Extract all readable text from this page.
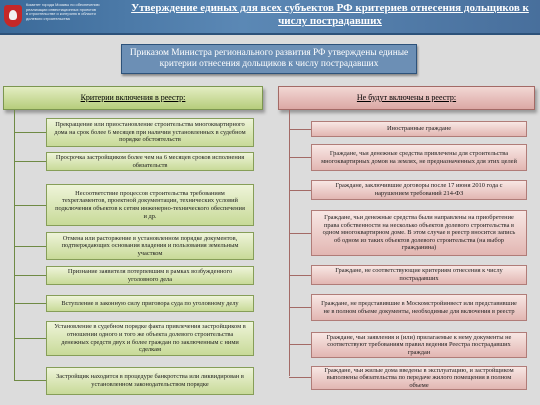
Комитет города Москвы по обеспечению
реализации инвестиционных проектов
в строительстве и контролю в области
долевого строительства
Утверждение единых для всех субъектов РФ критериев отнесения дольщиков к числу пострадавших
Приказом Министра регионального развития РФ утверждены единые критерии отнесения дольщиков к числу пострадавших
Критерии включения в реестр:
Прекращение или приостановление строительства многоквартирного дома на срок более 6 месяцев при наличии установленных в судебном порядке обстоятельств
Просрочка застройщиком более чем на 6 месяцев сроков исполнения обязательств
Несоответствие процессов строительства требованиям техрегламентов, проектной документации, технических условий подключения объектов к сетям инженерно-технического обеспечения и др.
Отмена или расторжение в установленном порядке документов, подтверждающих основания владения и пользования земельным участком
Признание заявителя потерпевшим в рамках возбужденного уголовного дела
Вступление в законную силу приговора суда по уголовному делу
Установление в судебном порядке факта привлечения застройщиком в отношении одного и того же объекта долевого строительства денежных средств двух и более граждан по заключенным с ними сделкам
Застройщик находится в процедуре банкротства или ликвидирован в установленном законодательством порядке
Не будут включены в реестр:
Иностранные граждане
Граждане, чьи денежные средства привлечены для строительства многоквартирных домов на землях, не предназначенных для этих целей
Граждане, заключившие договоры после 17 июня 2010 года с нарушением требований 214-ФЗ
Граждане, чьи денежные средства были направлены на приобретение права собственности на несколько объектов долевого строительства в одном многоквартирном доме. В этом случае в реестр вносится запись об одном из таких объектов долевого строительства (на выбор гражданина)
Граждане, не соответствующие критериям отнесения к числу пострадавших
Граждане, не представившие в Москомстройинвест или представившие не в полном объеме документы, необходимые для включения в реестр
Граждане, чьи заявления и (или) прилагаемые к нему документы не соответствуют требованиям правил ведения Реестра пострадавших граждан
Граждане, чьи жилые дома введены в эксплуатацию, и застройщиком выполнены обязательства по передаче жилого помещения в полном объеме
